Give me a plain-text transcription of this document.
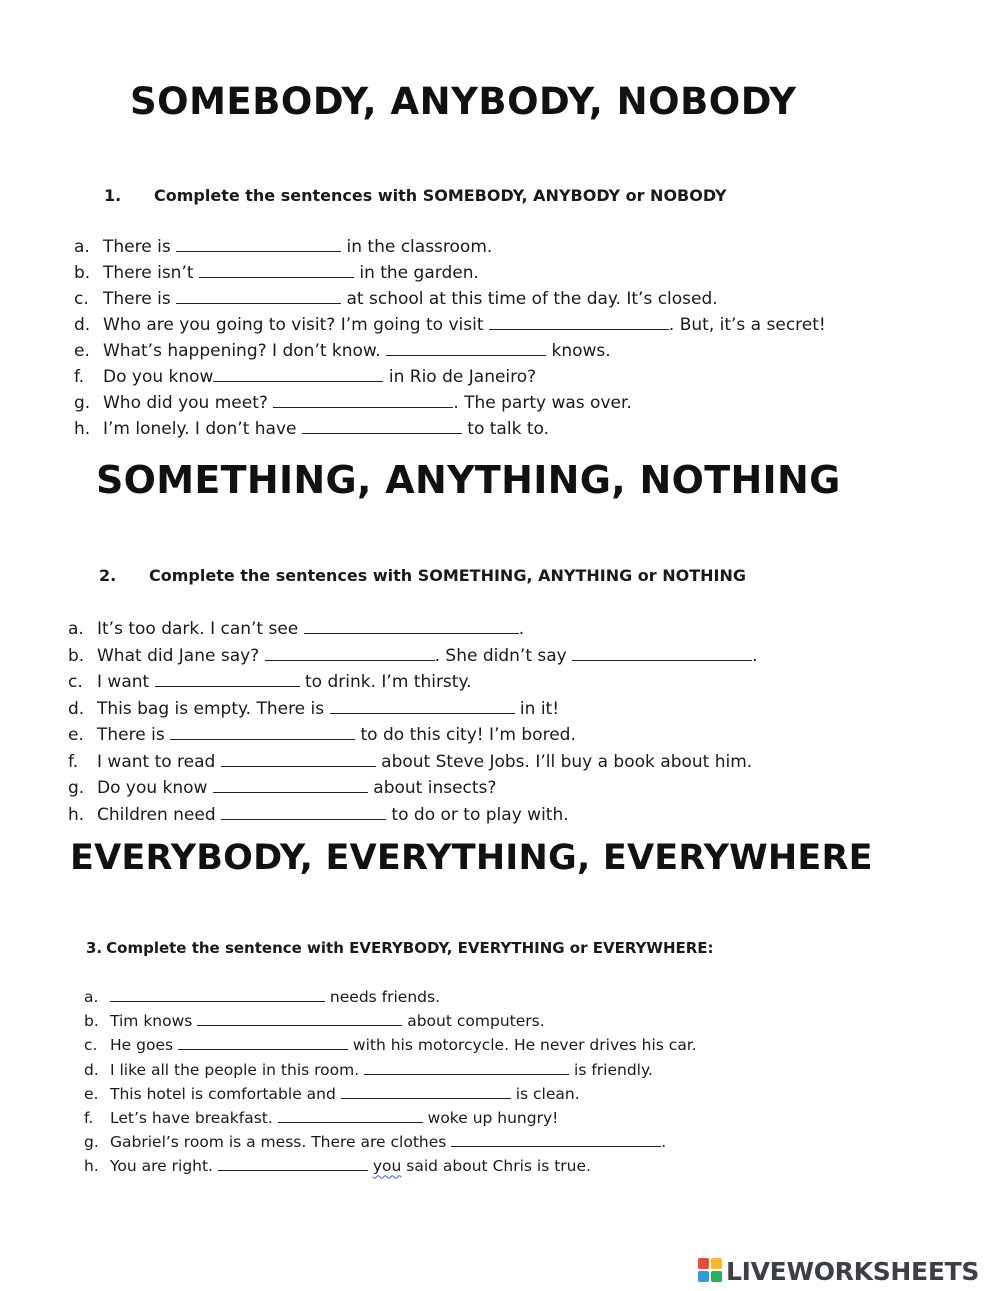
SOMEBODY, ANYBODY, NOBODY
1. Complete the sentences with SOMEBODY, ANYBODY or NOBODY
a. There is	in the classroom.
b. There isn’t	in the garden.
c. There is	at school at this time of the day. It’s closed.
d. Who are you going to visit? I’m going to visit	. But, it’s a secret!
e. What’s happening? I don’t know.	knows.
f. Do you know	in Rio de Janeiro?
g. Who did you meet?	. The party was over.
h. I’m lonely. I don’t have	to talk to.
SOMETHING, ANYTHING, NOTHING
2. Complete the sentences with SOMETHING, ANYTHING or NOTHING
a. It’s too dark. I can’t see	.
b. What did Jane say?	. She didn’t say	.
c. I want	to drink. I’m thirsty.
d. This bag is empty. There is	in it!
e. There is	to do this city! I’m bored.
f. I want to read	about Steve Jobs. I’ll buy a book about him.
g. Do you know	about insects?
h. Children need	to do or to play with.
EVERYBODY, EVERYTHING, EVERYWHERE
3. Complete the sentence with EVERYBODY, EVERYTHING or EVERYWHERE:
a.	needs friends.
b. Tim knows	about computers.
c. He goes	with his motorcycle. He never drives his car.
d. I like all the people in this room.	is friendly.
e. This hotel is comfortable and	is clean.
f. Let’s have breakfast.	woke up hungry!
g. Gabriel’s room is a mess. There are clothes	.
h. You are right.	you said about Chris is true.
LIVEWORKSHEETS
